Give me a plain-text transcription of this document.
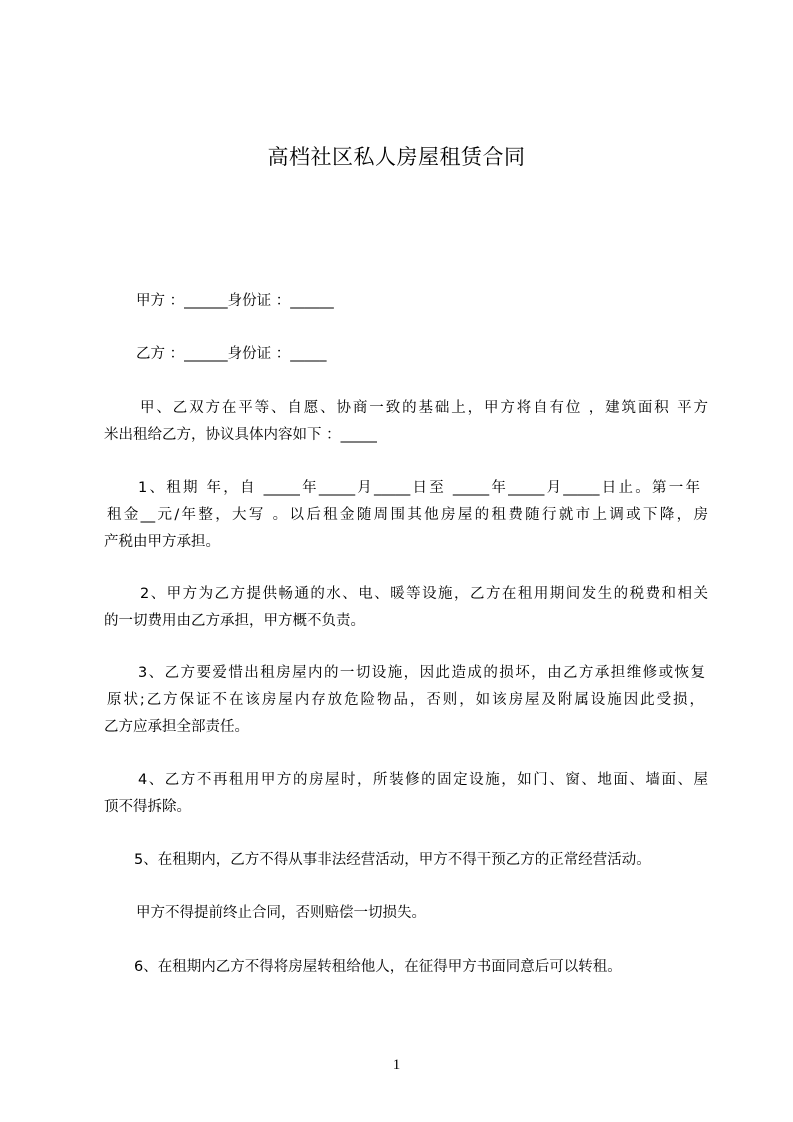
高档社区私人房屋租赁合同
甲方 ：______身份证 ：______
乙方 ：______身份证 ：_____
甲、乙双方在平等、自愿、协商一致的基础上，甲方将自有位 ，建筑面积 平方
米出租给乙方，协议具体内容如下 ：_____
1、租期 年，自 _____年_____月_____日至 _____年_____月_____日止。第一年
租金__元/年整，大写 。以后租金随周围其他房屋的租费随行就市上调或下降，房
产税由甲方承担。
2、甲方为乙方提供畅通的水、电、暖等设施，乙方在租用期间发生的税费和相关
的一切费用由乙方承担，甲方概不负责。
3、乙方要爱惜出租房屋内的一切设施，因此造成的损坏，由乙方承担维修或恢复
原状;乙方保证不在该房屋内存放危险物品，否则，如该房屋及附属设施因此受损，
乙方应承担全部责任。
4、乙方不再租用甲方的房屋时，所装修的固定设施，如门、窗、地面、墙面、屋
顶不得拆除。
5、在租期内，乙方不得从事非法经营活动，甲方不得干预乙方的正常经营活动。
甲方不得提前终止合同，否则赔偿一切损失。
6、在租期内乙方不得将房屋转租给他人，在征得甲方书面同意后可以转租。
1
